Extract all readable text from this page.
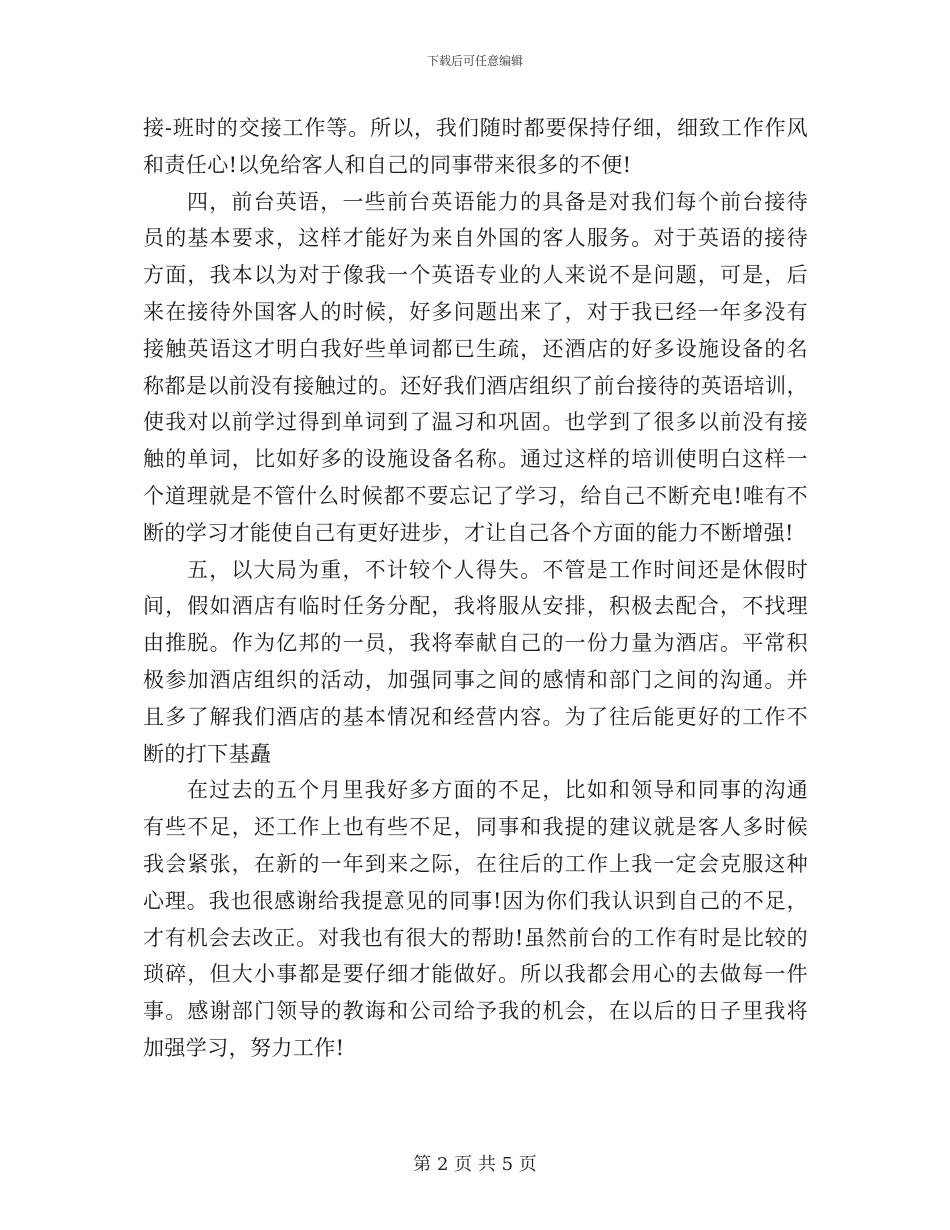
下载后可任意编辑
接-班时的交接工作等。所以，我们随时都要保持仔细，细致工作作风
和责任心!以免给客人和自己的同事带来很多的不便!
四，前台英语，一些前台英语能力的具备是对我们每个前台接待
员的基本要求，这样才能好为来自外国的客人服务。对于英语的接待
方面，我本以为对于像我一个英语专业的人来说不是问题，可是，后
来在接待外国客人的时候，好多问题出来了，对于我已经一年多没有
接触英语这才明白我好些单词都已生疏，还酒店的好多设施设备的名
称都是以前没有接触过的。还好我们酒店组织了前台接待的英语培训，
使我对以前学过得到单词到了温习和巩固。也学到了很多以前没有接
触的单词，比如好多的设施设备名称。通过这样的培训使明白这样一
个道理就是不管什么时候都不要忘记了学习，给自己不断充电!唯有不
断的学习才能使自己有更好进步，才让自己各个方面的能力不断增强!
五，以大局为重，不计较个人得失。不管是工作时间还是休假时
间，假如酒店有临时任务分配，我将服从安排，积极去配合，不找理
由推脱。作为亿邦的一员，我将奉献自己的一份力量为酒店。平常积
极参加酒店组织的活动，加强同事之间的感情和部门之间的沟通。并
且多了解我们酒店的基本情况和经营内容。为了往后能更好的工作不
断的打下基矗
在过去的五个月里我好多方面的不足，比如和领导和同事的沟通
有些不足，还工作上也有些不足，同事和我提的建议就是客人多时候
我会紧张，在新的一年到来之际，在往后的工作上我一定会克服这种
心理。我也很感谢给我提意见的同事!因为你们我认识到自己的不足，
才有机会去改正。对我也有很大的帮助!虽然前台的工作有时是比较的
琐碎，但大小事都是要仔细才能做好。所以我都会用心的去做每一件
事。感谢部门领导的教诲和公司给予我的机会，在以后的日子里我将
加强学习，努力工作!
第 2 页 共 5 页
